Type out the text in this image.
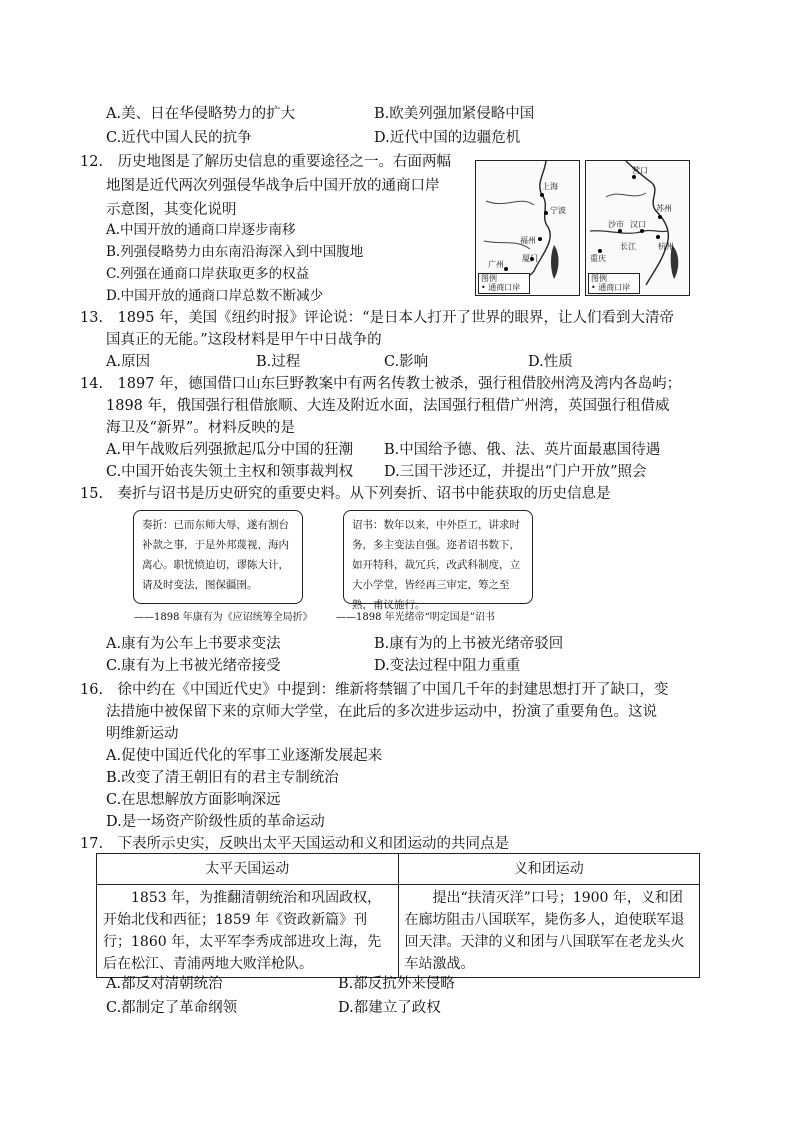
A.美、日在华侵略势力的扩大	B.欧美列强加紧侵略中国
C.近代中国人民的抗争	D.近代中国的边疆危机
12.　历史地图是了解历史信息的重要途径之一。右面两幅
地图是近代两次列强侵华战争后中国开放的通商口岸
示意图，其变化说明
A.中国开放的通商口岸逐步南移
B.列强侵略势力由东南沿海深入到中国腹地
C.列强在通商口岸获取更多的权益
D.中国开放的通商口岸总数不断减少
上海
宁波
福州
厦门
广州
图例
• 通商口岸
营口
苏州
汉口
沙市
杭州
长江
重庆
图例
• 通商口岸
13.　1895 年，美国《纽约时报》评论说：“是日本人打开了世界的眼界，让人们看到大清帝
国真正的无能。”这段材料是甲午中日战争的
A.原因	B.过程	C.影响	D.性质
14.　1897 年，德国借口山东巨野教案中有两名传教士被杀，强行租借胶州湾及湾内各岛屿；
1898 年，俄国强行租借旅顺、大连及附近水面，法国强行租借广州湾，英国强行租借威
海卫及“新界”。材料反映的是
A.甲午战败后列强掀起瓜分中国的狂潮 B.中国给予德、俄、法、英片面最惠国待遇
C.中国开始丧失领土主权和领事裁判权 D.三国干涉还辽，并提出“门户开放”照会
15.　奏折与诏书是历史研究的重要史料。从下列奏折、诏书中能获取的历史信息是
奏折：已而东师大辱，遂有割台补款之事，于是外邦蔑视，海内离心。职忧愤迫切，谬陈大计，请及时变法，图保疆圉。
诏书：数年以来，中外臣工，讲求时务，多主变法自强。迩者诏书数下，如开特科，裁冗兵，改武科制度，立大小学堂，皆经再三审定，筹之至熟，甫议施行。
——1898 年康有为《应诏统筹全局折》 ——1898 年光绪帝“明定国是”诏书
A.康有为公车上书要求变法	B.康有为的上书被光绪帝驳回
C.康有为上书被光绪帝接受	D.变法过程中阻力重重
16.　徐中约在《中国近代史》中提到：维新将禁锢了中国几千年的封建思想打开了缺口，变
法措施中被保留下来的京师大学堂，在此后的多次进步运动中，扮演了重要角色。这说
明维新运动
A.促使中国近代化的军事工业逐渐发展起来
B.改变了清王朝旧有的君主专制统治
C.在思想解放方面影响深远
D.是一场资产阶级性质的革命运动
17.　下表所示史实，反映出太平天国运动和义和团运动的共同点是
太平天国运动	义和团运动
　　1853 年，为推翻清朝统治和巩固政权，开始北伐和西征；1859 年《资政新篇》刊行；1860 年，太平军李秀成部进攻上海，先后在松江、青浦两地大败洋枪队。	　　提出“扶清灭洋”口号；1900 年，义和团在廊坊阻击八国联军，毙伤多人，迫使联军退回天津。天津的义和团与八国联军在老龙头火车站激战。
A.都反对清朝统治	B.都反抗外来侵略
C.都制定了革命纲领	D.都建立了政权
